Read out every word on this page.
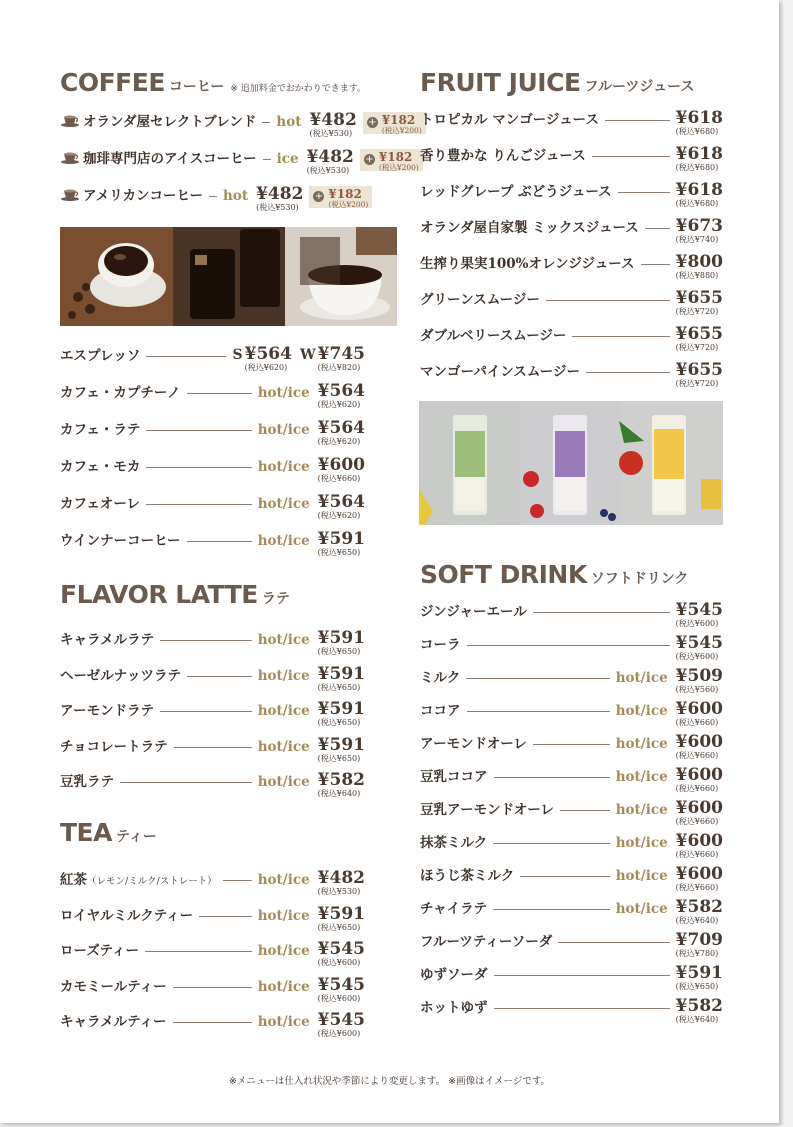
COFFEE コーヒー ※ 追加料金でおかわりできます。
オランダ屋セレクトブレンド hot ¥482
(税込¥530)
+ ¥182
(税込¥200)
珈琲専門店のアイスコーヒー ice ¥482
(税込¥530)
+ ¥182
(税込¥200)
アメリカンコーヒー hot ¥482
(税込¥530)
+ ¥182
(税込¥200)
エスプレッソ	S ¥564
(税込¥620)
W ¥745
(税込¥820)
カフェ・カプチーノ	hot/ice ¥564
(税込¥620)
カフェ・ラテ	hot/ice ¥564
(税込¥620)
カフェ・モカ	hot/ice ¥600
(税込¥660)
カフェオーレ	hot/ice ¥564
(税込¥620)
ウインナーコーヒー	hot/ice ¥591
(税込¥650)
FLAVOR LATTE ラテ
キャラメルラテ	hot/ice ¥591
(税込¥650)
ヘーゼルナッツラテ	hot/ice ¥591
(税込¥650)
アーモンドラテ	hot/ice ¥591
(税込¥650)
チョコレートラテ	hot/ice ¥591
(税込¥650)
豆乳ラテ	hot/ice ¥582
(税込¥640)
TEA ティー
紅茶（レモン/ミルク/ストレート）	hot/ice ¥482
(税込¥530)
ロイヤルミルクティー	hot/ice ¥591
(税込¥650)
ローズティー	hot/ice ¥545
(税込¥600)
カモミールティー	hot/ice ¥545
(税込¥600)
キャラメルティー	hot/ice ¥545
(税込¥600)
FRUIT JUICE フルーツジュース
トロピカル マンゴージュース	¥618
(税込¥680)
香り豊かな りんごジュース	¥618
(税込¥680)
レッドグレープ ぶどうジュース	¥618
(税込¥680)
オランダ屋自家製 ミックスジュース ¥673
(税込¥740)
生搾り果実100%オレンジジュース ¥800
(税込¥880)
グリーンスムージー	¥655
(税込¥720)
ダブルベリースムージー	¥655
(税込¥720)
マンゴーパインスムージー	¥655
(税込¥720)
SOFT DRINK ソフトドリンク
ジンジャーエール	¥545
(税込¥600)
コーラ	¥545
(税込¥600)
ミルク	hot/ice ¥509
(税込¥560)
ココア	hot/ice ¥600
(税込¥660)
アーモンドオーレ	hot/ice ¥600
(税込¥660)
豆乳ココア	hot/ice ¥600
(税込¥660)
豆乳アーモンドオーレ	hot/ice ¥600
(税込¥660)
抹茶ミルク	hot/ice ¥600
(税込¥660)
ほうじ茶ミルク	hot/ice ¥600
(税込¥660)
チャイラテ	hot/ice ¥582
(税込¥640)
フルーツティーソーダ	¥709
(税込¥780)
ゆずソーダ	¥591
(税込¥650)
ホットゆず	¥582
(税込¥640)
※メニューは仕入れ状況や季節により変更します。 ※画像はイメージです。
